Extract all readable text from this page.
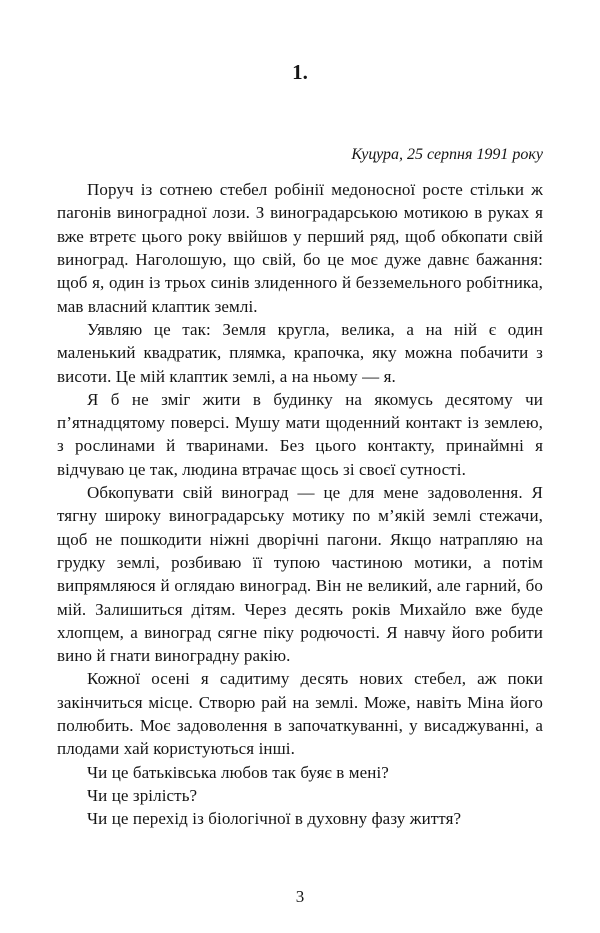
1.
Куцура, 25 серпня 1991 року

Поруч із сотнею стебел робінії медоносної росте стільки ж пагонів виноградної лози. З виноградарською мотикою в руках я вже втретє цього року ввійшов у перший ряд, щоб обкопати свій виноград. Наголошую, що свій, бо це моє дуже давнє бажання: щоб я, один із трьох синів злиденного й безземельного робітника, мав власний клаптик землі.

Уявляю це так: Земля кругла, велика, а на ній є один маленький квадратик, плямка, крапочка, яку можна побачити з висоти. Це мій клаптик землі, а на ньому — я.

Я б не зміг жити в будинку на якомусь десятому чи п’ятнадцятому поверсі. Мушу мати щоденний контакт із землею, з рослинами й тваринами. Без цього контакту, принаймні я відчуваю це так, людина втрачає щось зі своєї сутності.

Обкопувати свій виноград — це для мене задоволення. Я тягну широку виноградарську мотику по м’якій землі стежачи, щоб не пошкодити ніжні дворічні пагони. Якщо натрапляю на грудку землі, розбиваю її тупою частиною мотики, а потім випрямляюся й оглядаю виноград. Він не великий, але гарний, бо мій. Залишиться дітям. Через десять років Михайло вже буде хлопцем, а виноград сягне піку родючості. Я навчу його робити вино й гнати виноградну ракію.

Кожної осені я садитиму десять нових стебел, аж поки закінчиться місце. Створю рай на землі. Може, навіть Міна його полюбить. Моє задоволення в започаткуванні, у висаджуванні, а плодами хай користуються інші.

Чи це батьківська любов так буяє в мені?

Чи це зрілість?

Чи це перехід із біологічної в духовну фазу життя?

3
